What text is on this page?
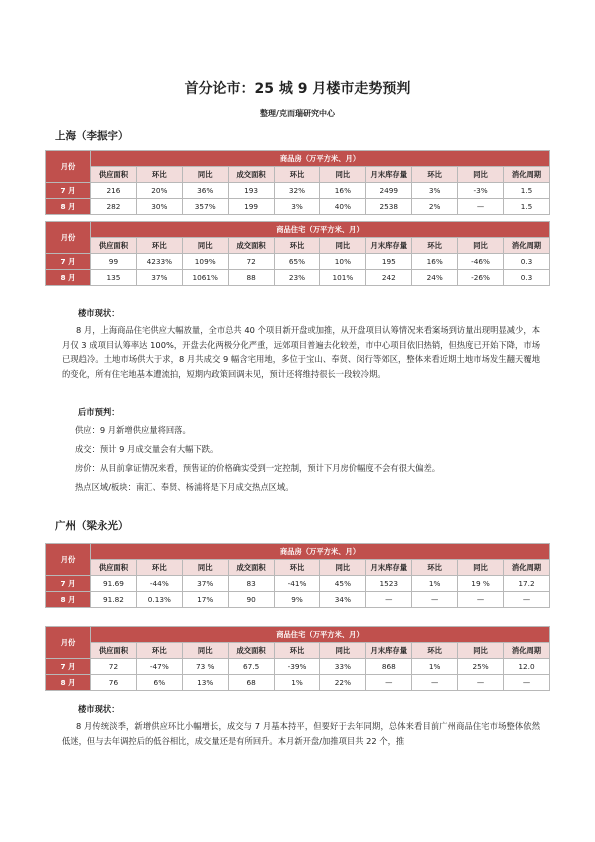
首分论市：25 城 9 月楼市走势预判
整理/克而瑞研究中心
上海（李振宇）
月份	商品房（万平方米、月）									
	供应面积	环比	同比	成交面积	环比	同比	月末库存量	环比	同比	消化周期
7 月	216	20%	36%	193	32%	16%	2499	3%	-3%	1.5
8 月	282	30%	357%	199	3%	40%	2538	2%	—	1.5
月份	商品住宅（万平方米、月）									
	供应面积	环比	同比	成交面积	环比	同比	月末库存量	环比	同比	消化周期
7 月	99	4233%	109%	72	65%	10%	195	16%	-46%	0.3
8 月	135	37%	1061%	88	23%	101%	242	24%	-26%	0.3
楼市现状：
8 月，上海商品住宅供应大幅放量，全市总共 40 个项目新开盘或加推，从开盘项目认筹情况来看案场到访量出现明显减少，本月仅 3 成项目认筹率达 100%，开盘去化两极分化严重，远郊项目普遍去化较差，市中心项目依旧热销，但热度已开始下降，市场已现趋冷。土地市场供大于求，8 月共成交 9 幅含宅用地，多位于宝山、奉贤、闵行等郊区，整体来看近期土地市场发生翻天覆地的变化，所有住宅地基本遭流拍，短期内政策回调未见，预计还将维持很长一段较冷期。
后市预判：
供应：9 月新增供应量将回落。
成交：预计 9 月成交量会有大幅下跌。
房价：从目前拿证情况来看，预售证的价格确实受到一定控制，预计下月房价幅度不会有很大偏差。
热点区域/板块：南汇、奉贤、杨浦将是下月成交热点区域。
广州（梁永光）
月份	商品房（万平方米、月）									
	供应面积	环比	同比	成交面积	环比	同比	月末库存量	环比	同比	消化周期
7 月	91.69	-44%	37%	83	-41%	45%	1523	1%	19 %	17.2
8 月	91.82	0.13%	17%	90	9%	34%	—	—	—	—
月份	商品住宅（万平方米、月）									
	供应面积	环比	同比	成交面积	环比	同比	月末库存量	环比	同比	消化周期
7 月	72	-47%	73 %	67.5	-39%	33%	868	1%	25%	12.0
8 月	76	6%	13%	68	1%	22%	—	—	—	—
楼市现状：
8 月传统淡季，新增供应环比小幅增长，成交与 7 月基本持平，但要好于去年同期，总体来看目前广州商品住宅市场整体依然低迷，但与去年调控后的低谷相比，成交量还是有所回升。本月新开盘/加推项目共 22 个，推
